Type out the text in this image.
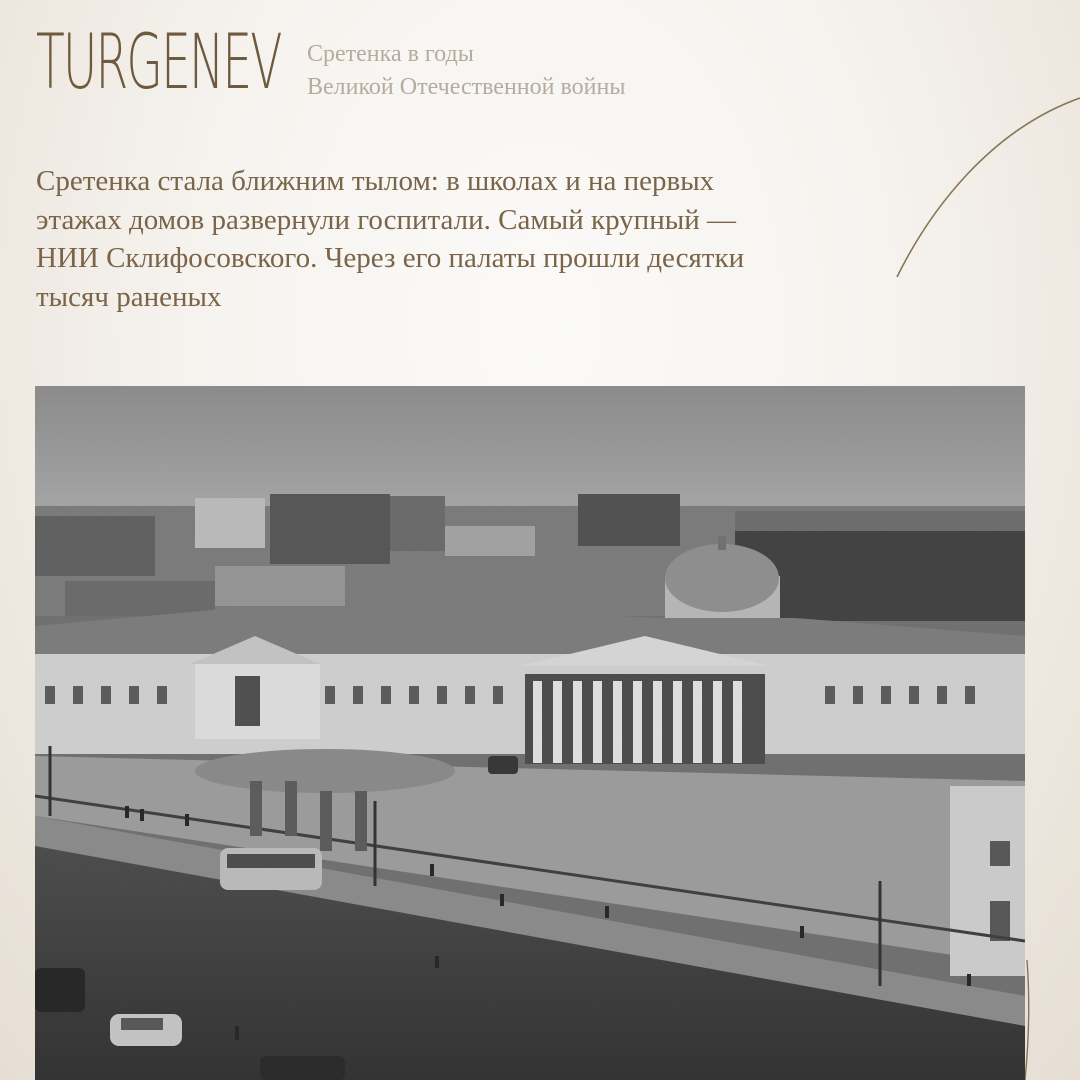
TURGENEV Сретенка в годы
Великой Отечественной войны
Сретенка стала ближним тылом: в школах и на первых
этажах домов развернули госпитали. Самый крупный —
НИИ Склифосовского. Через его палаты прошли десятки
тысяч раненых
